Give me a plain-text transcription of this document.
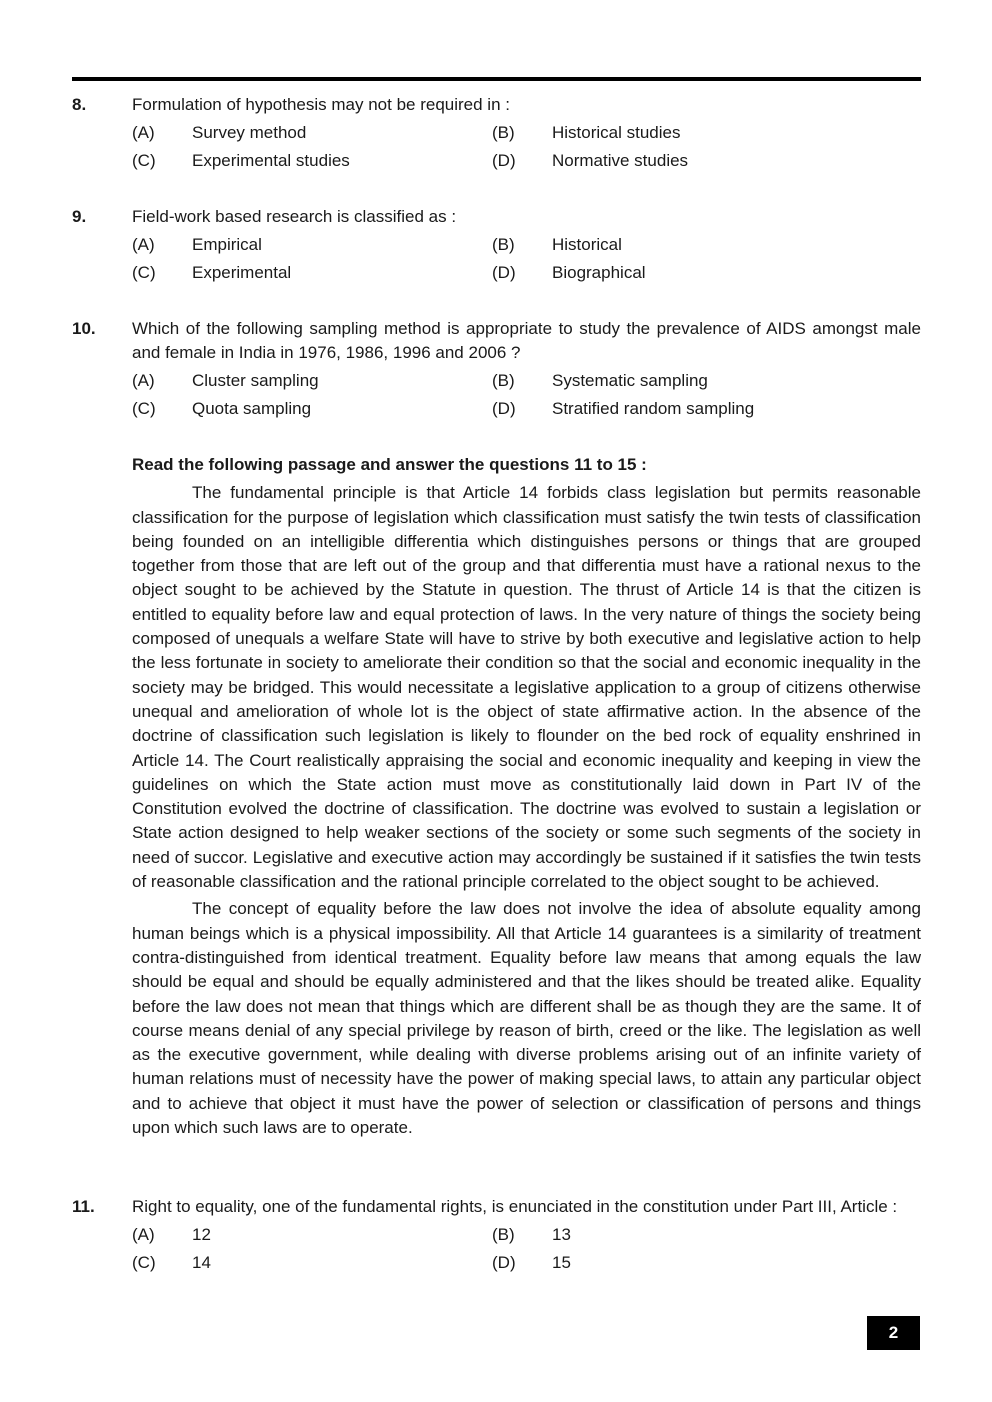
8.	Formulation of hypothesis may not be required in :
(A) Survey method	(B) Historical studies
(C) Experimental studies	(D) Normative studies
9.	Field-work based research is classified as :
(A) Empirical	(B) Historical
(C) Experimental	(D) Biographical
10. Which of the following sampling method is appropriate to study the prevalence of AIDS amongst male and female in India in 1976, 1986, 1996 and 2006 ?
(A) Cluster sampling	(B) Systematic sampling
(C) Quota sampling	(D) Stratified random sampling
Read the following passage and answer the questions 11 to 15 :

The fundamental principle is that Article 14 forbids class legislation but permits reasonable classification for the purpose of legislation which classification must satisfy the twin tests of classification being founded on an intelligible differentia which distinguishes persons or things that are grouped together from those that are left out of the group and that differentia must have a rational nexus to the object sought to be achieved by the Statute in question. The thrust of Article 14 is that the citizen is entitled to equality before law and equal protection of laws. In the very nature of things the society being composed of unequals a welfare State will have to strive by both executive and legislative action to help the less fortunate in society to ameliorate their condition so that the social and economic inequality in the society may be bridged. This would necessitate a legislative application to a group of citizens otherwise unequal and amelioration of whole lot is the object of state affirmative action. In the absence of the doctrine of classification such legislation is likely to flounder on the bed rock of equality enshrined in Article 14. The Court realistically appraising the social and economic inequality and keeping in view the guidelines on which the State action must move as constitutionally laid down in Part IV of the Constitution evolved the doctrine of classification. The doctrine was evolved to sustain a legislation or State action designed to help weaker sections of the society or some such segments of the society in need of succor. Legislative and executive action may accordingly be sustained if it satisfies the twin tests of reasonable classification and the rational principle correlated to the object sought to be achieved.

The concept of equality before the law does not involve the idea of absolute equality among human beings which is a physical impossibility. All that Article 14 guarantees is a similarity of treatment contra-distinguished from identical treatment. Equality before law means that among equals the law should be equal and should be equally administered and that the likes should be treated alike. Equality before the law does not mean that things which are different shall be as though they are the same. It of course means denial of any special privilege by reason of birth, creed or the like. The legislation as well as the executive government, while dealing with diverse problems arising out of an infinite variety of human relations must of necessity have the power of making special laws, to attain any particular object and to achieve that object it must have the power of selection or classification of persons and things upon which such laws are to operate.

11. Right to equality, one of the fundamental rights, is enunciated in the constitution under Part III, Article :
(A) 12	(B) 13
(C) 14	(D) 15
2
